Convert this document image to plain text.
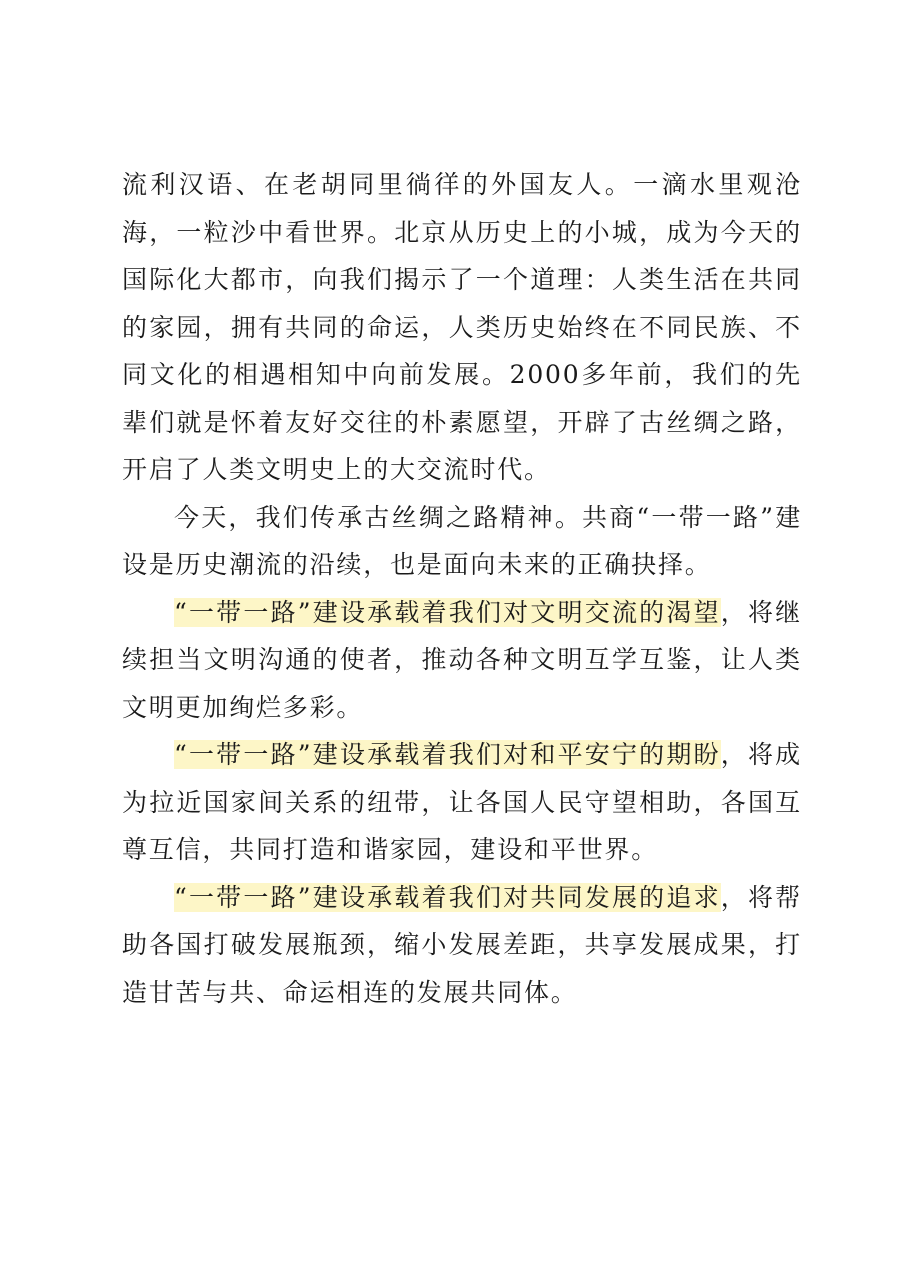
流利汉语、在老胡同里徜徉的外国友人。一滴水里观沧海，一粒沙中看世界。北京从历史上的小城，成为今天的国际化大都市，向我们揭示了一个道理：人类生活在共同的家园，拥有共同的命运，人类历史始终在不同民族、不同文化的相遇相知中向前发展。2000多年前，我们的先辈们就是怀着友好交往的朴素愿望，开辟了古丝绸之路，开启了人类文明史上的大交流时代。

今天，我们传承古丝绸之路精神。共商“一带一路”建设是历史潮流的沿续，也是面向未来的正确抉择。

“一带一路”建设承载着我们对文明交流的渴望，将继续担当文明沟通的使者，推动各种文明互学互鉴，让人类文明更加绚烂多彩。

“一带一路”建设承载着我们对和平安宁的期盼，将成为拉近国家间关系的纽带，让各国人民守望相助，各国互尊互信，共同打造和谐家园，建设和平世界。

“一带一路”建设承载着我们对共同发展的追求，将帮助各国打破发展瓶颈，缩小发展差距，共享发展成果，打造甘苦与共、命运相连的发展共同体。
